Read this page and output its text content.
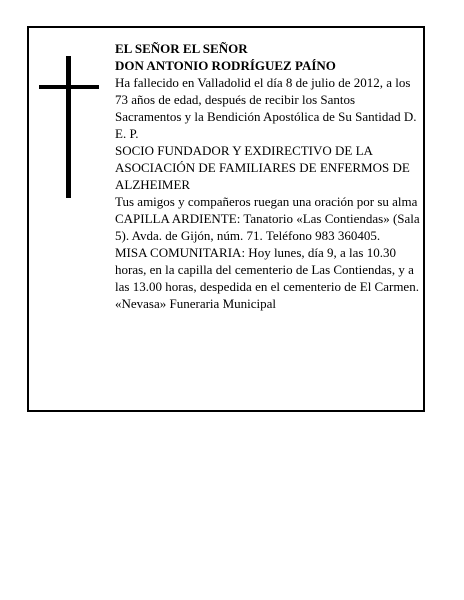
EL SEÑOR EL SEÑOR

DON ANTONIO RODRÍGUEZ PAÍNO

Ha fallecido en Valladolid el día 8 de julio de 2012, a los 73 años de edad, después de recibir los Santos Sacramentos y la Bendición Apostólica de Su Santidad D. E. P.

SOCIO FUNDADOR Y EXDIRECTIVO DE LA ASOCIACIÓN DE FAMILIARES DE ENFERMOS DE ALZHEIMER

Tus amigos y compañeros ruegan una oración por su alma

CAPILLA ARDIENTE: Tanatorio «Las Contiendas» (Sala 5). Avda. de Gijón, núm. 71. Teléfono 983 360405.

MISA COMUNITARIA: Hoy lunes, día 9, a las 10.30 horas, en la capilla del cementerio de Las Contiendas, y a las 13.00 horas, despedida en el cementerio de El Carmen.

«Nevasa» Funeraria Municipal
